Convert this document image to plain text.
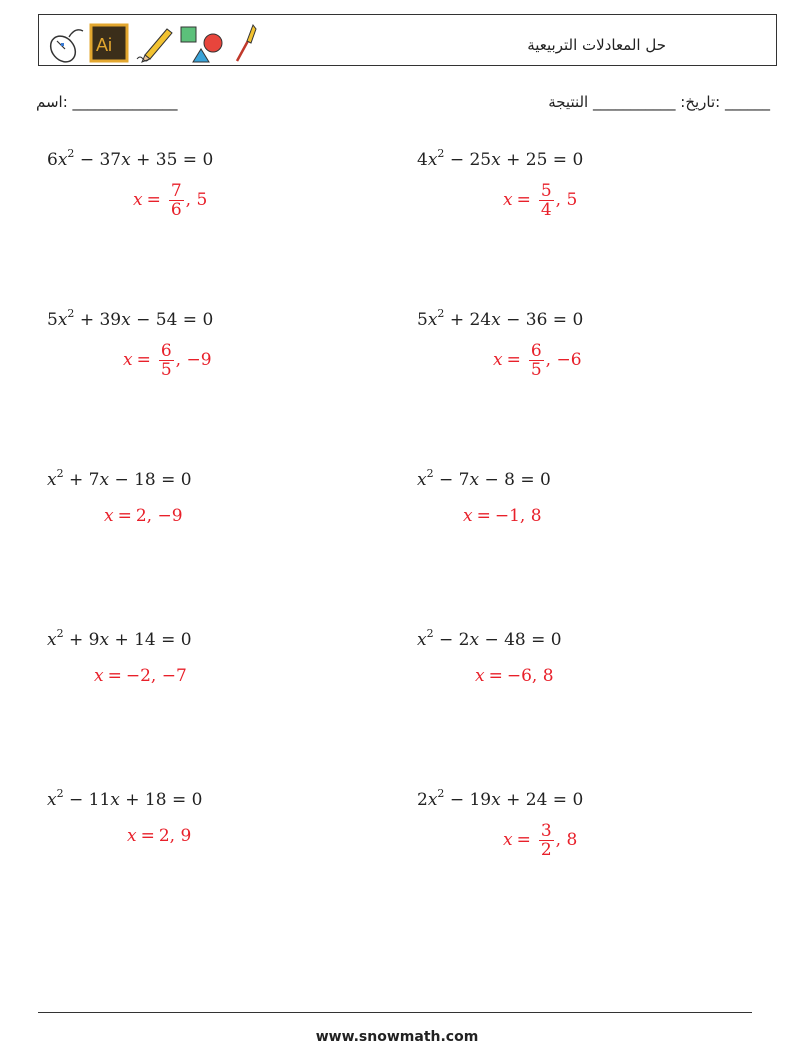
Ai	حل المعادلات التربيعية
______ :تاريخ: ___________ النتيجة
______________ :اسم
$6x^2 - 37x + 35 = 0$
$x = \frac{7}{6}$ , 5
$4x^2 - 25x + 25 = 0$
$x = \frac{5}{4}$ , 5
$5x^2 + 39x - 54 = 0$
$x = \frac{6}{5}$ , −9
$5x^2 + 24x - 36 = 0$
$x = \frac{6}{5}$ , −6
$x^2 + 7x - 18 = 0$
x = 2, −9
$x^2 - 7x - 8 = 0$
x = −1, 8
$x^2 + 9x + 14 = 0$
x = −2, −7
$x^2 - 2x - 48 = 0$
x = −6, 8
$x^2 - 11x + 18 = 0$
x = 2, 9
$2x^2 - 19x + 24 = 0$
$x = \frac{3}{2}$ , 8
www.snowmath.com
